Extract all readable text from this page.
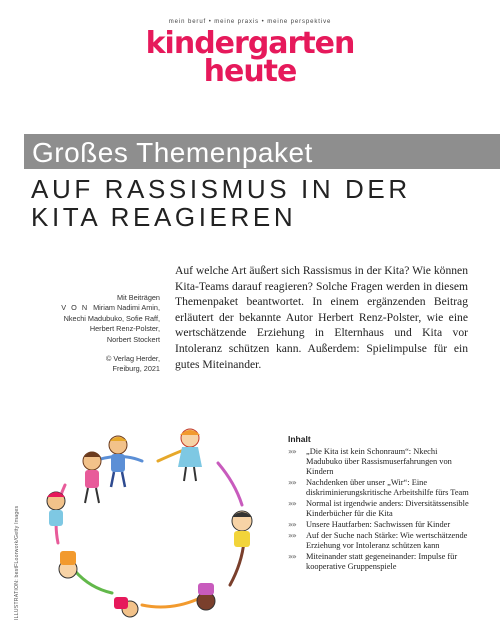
mein beruf • meine praxis • meine perspektive
kindergarten
heute
Großes Themenpaket
AUF RASSISMUS IN DER
KITA REAGIEREN
Mit Beiträgen
VONMiriam Nadimi Amin,
Nkechi Madubuko, Sofie Raff,
Herbert Renz-Polster,
Norbert Stockert
© Verlag Herder,
Freiburg, 2021
Auf welche Art äußert sich Rassismus in der Kita? Wie können Kita-Teams darauf reagieren? Solche Fragen werden in diesem Themenpaket beantwortet. In einem ergänzenden Beitrag erläutert der bekannte Autor Herbert Renz-Polster, wie eine wertschätzende Erziehung in Elternhaus und Kita vor Intoleranz schützen kann. Außerdem: Spielimpulse für ein gutes Miteinander.
ILLUSTRATION: bestFLoorwork/Getty Images
Inhalt
»» „Die Kita ist kein Schonraum“: Nkechi Madubuko über Rassismuserfahrungen von Kindern
»» Nachdenken über unser „Wir“: Eine diskriminierungskritische Arbeitshilfe fürs Team
»» Normal ist irgendwie anders: Diversitätssensible Kinderbücher für die Kita
»» Unsere Hautfarben: Sachwissen für Kinder
»» Auf der Suche nach Stärke: Wie wertschätzende Erziehung vor Intoleranz schützen kann
»» Miteinander statt gegeneinander: Impulse für kooperative Gruppenspiele
